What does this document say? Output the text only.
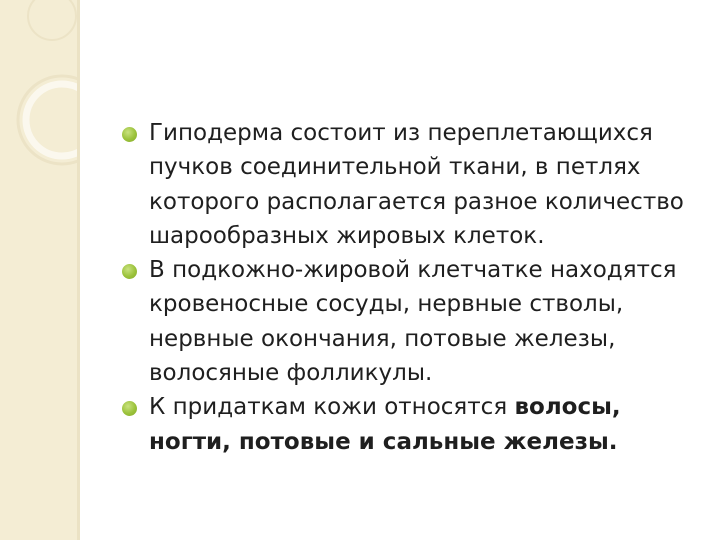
Гиподерма состоит из переплетающихся пучков соединительной ткани, в петлях которого располагается разное количество шарообразных жировых клеток.
В подкожно-жировой клетчатке находятся кровеносные сосуды, нервные стволы, нервные окончания, потовые железы, волосяные фолликулы.
К придаткам кожи относятся волосы, ногти, потовые и сальные железы.
